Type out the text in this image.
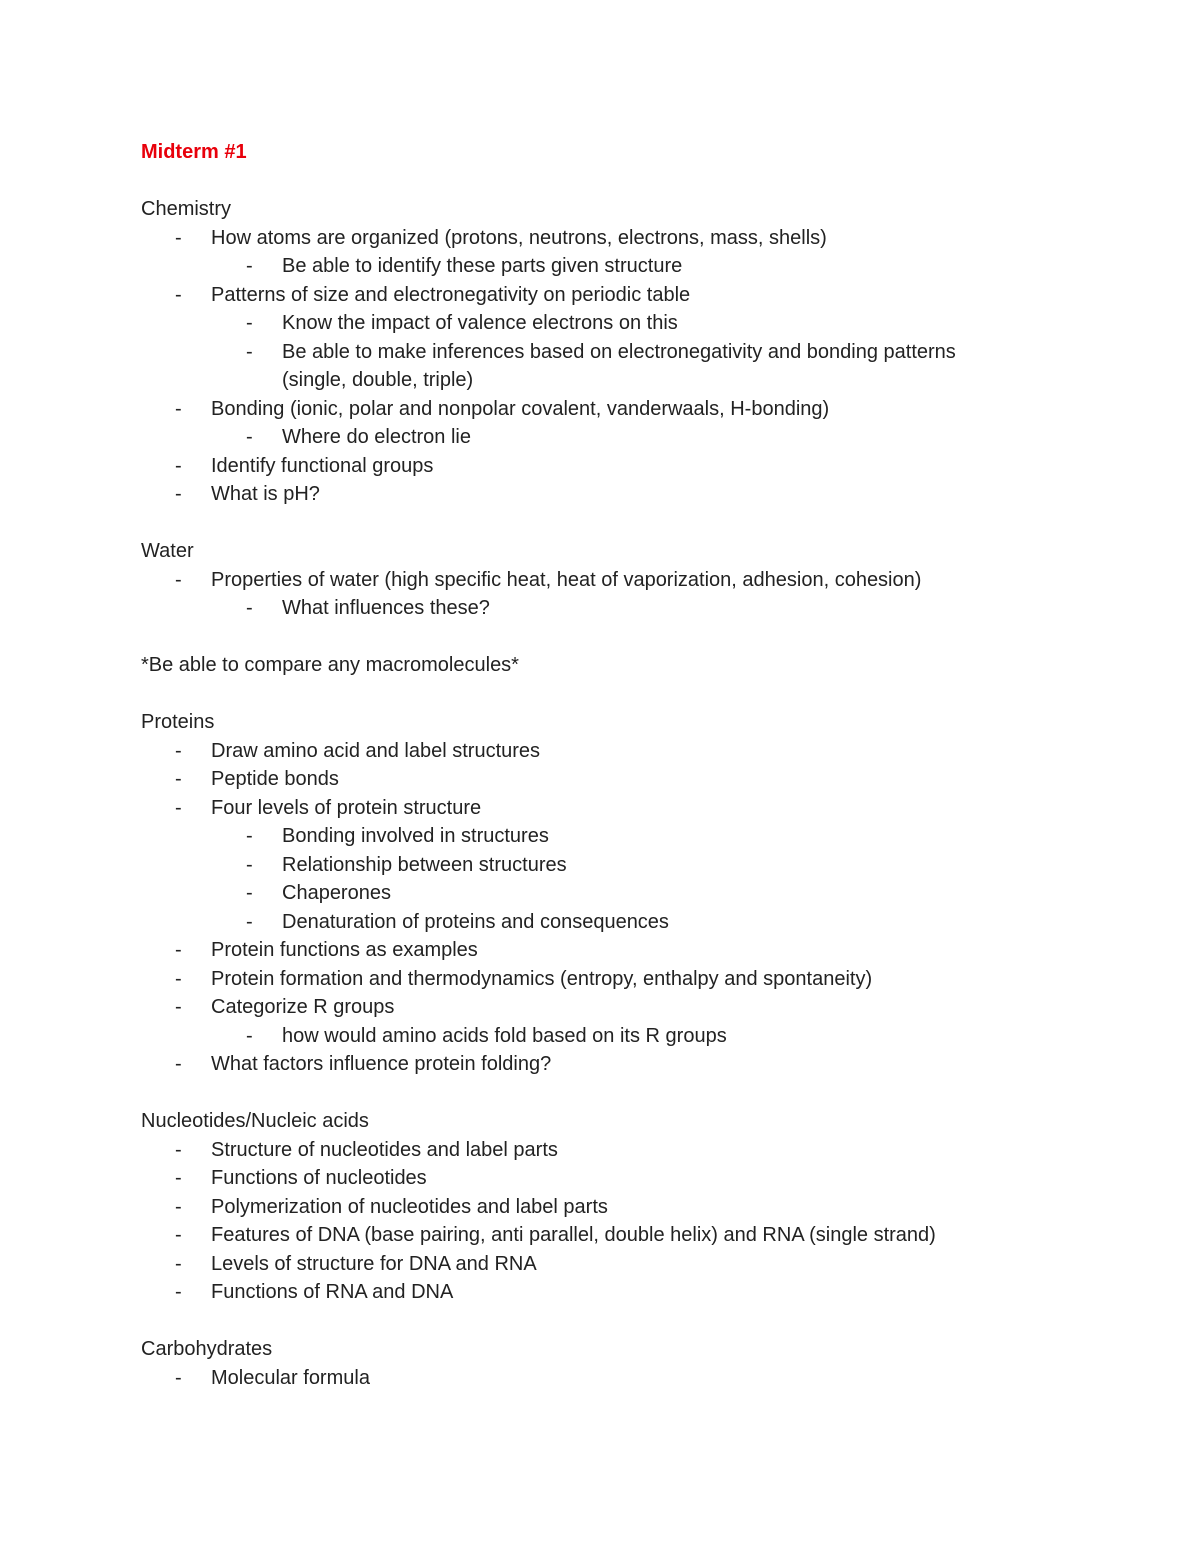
Midterm #1

Chemistry

- How atoms are organized (protons, neutrons, electrons, mass, shells)

- Be able to identify these parts given structure

- Patterns of size and electronegativity on periodic table

- Know the impact of valence electrons on this

- Be able to make inferences based on electronegativity and bonding patterns (single, double, triple)

- Bonding (ionic, polar and nonpolar covalent, vanderwaals, H-bonding)

- Where do electron lie

- Identify functional groups

- What is pH?

Water

- Properties of water (high specific heat, heat of vaporization, adhesion, cohesion)

- What influences these?

*Be able to compare any macromolecules*

Proteins

- Draw amino acid and label structures

- Peptide bonds

- Four levels of protein structure

- Bonding involved in structures

- Relationship between structures

- Chaperones

- Denaturation of proteins and consequences

- Protein functions as examples

- Protein formation and thermodynamics (entropy, enthalpy and spontaneity)

- Categorize R groups

- how would amino acids fold based on its R groups

- What factors influence protein folding?

Nucleotides/Nucleic acids

- Structure of nucleotides and label parts

- Functions of nucleotides

- Polymerization of nucleotides and label parts

- Features of DNA (base pairing, anti parallel, double helix) and RNA (single strand)

- Levels of structure for DNA and RNA

- Functions of RNA and DNA

Carbohydrates

- Molecular formula
